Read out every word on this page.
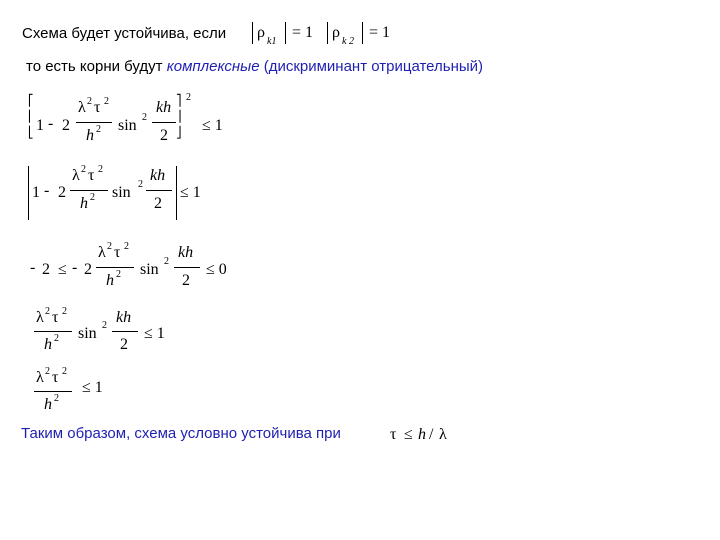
Схема будет устойчива, если ρ
k1
= 1 ρ
k 2
= 1
то есть корни будут комплексные (дискриминант отрицательный)
⎡
⎢
⎣ 1 - 2
λ 2 τ 2
h 2 sin 2
kh
2
⎤
⎥
⎦
2
≤ 1
1 - 2
λ 2 τ 2
h 2 sin 2
kh
2
≤ 1
- 2 ≤ - 2
λ 2 τ 2
h 2 sin 2
kh
2
≤ 0
λ 2 τ 2
h 2 sin 2 kh
2
≤ 1
λ 2 τ 2
h 2
≤ 1
Таким образом, схема условно устойчива при	τ ≤ h / λ
